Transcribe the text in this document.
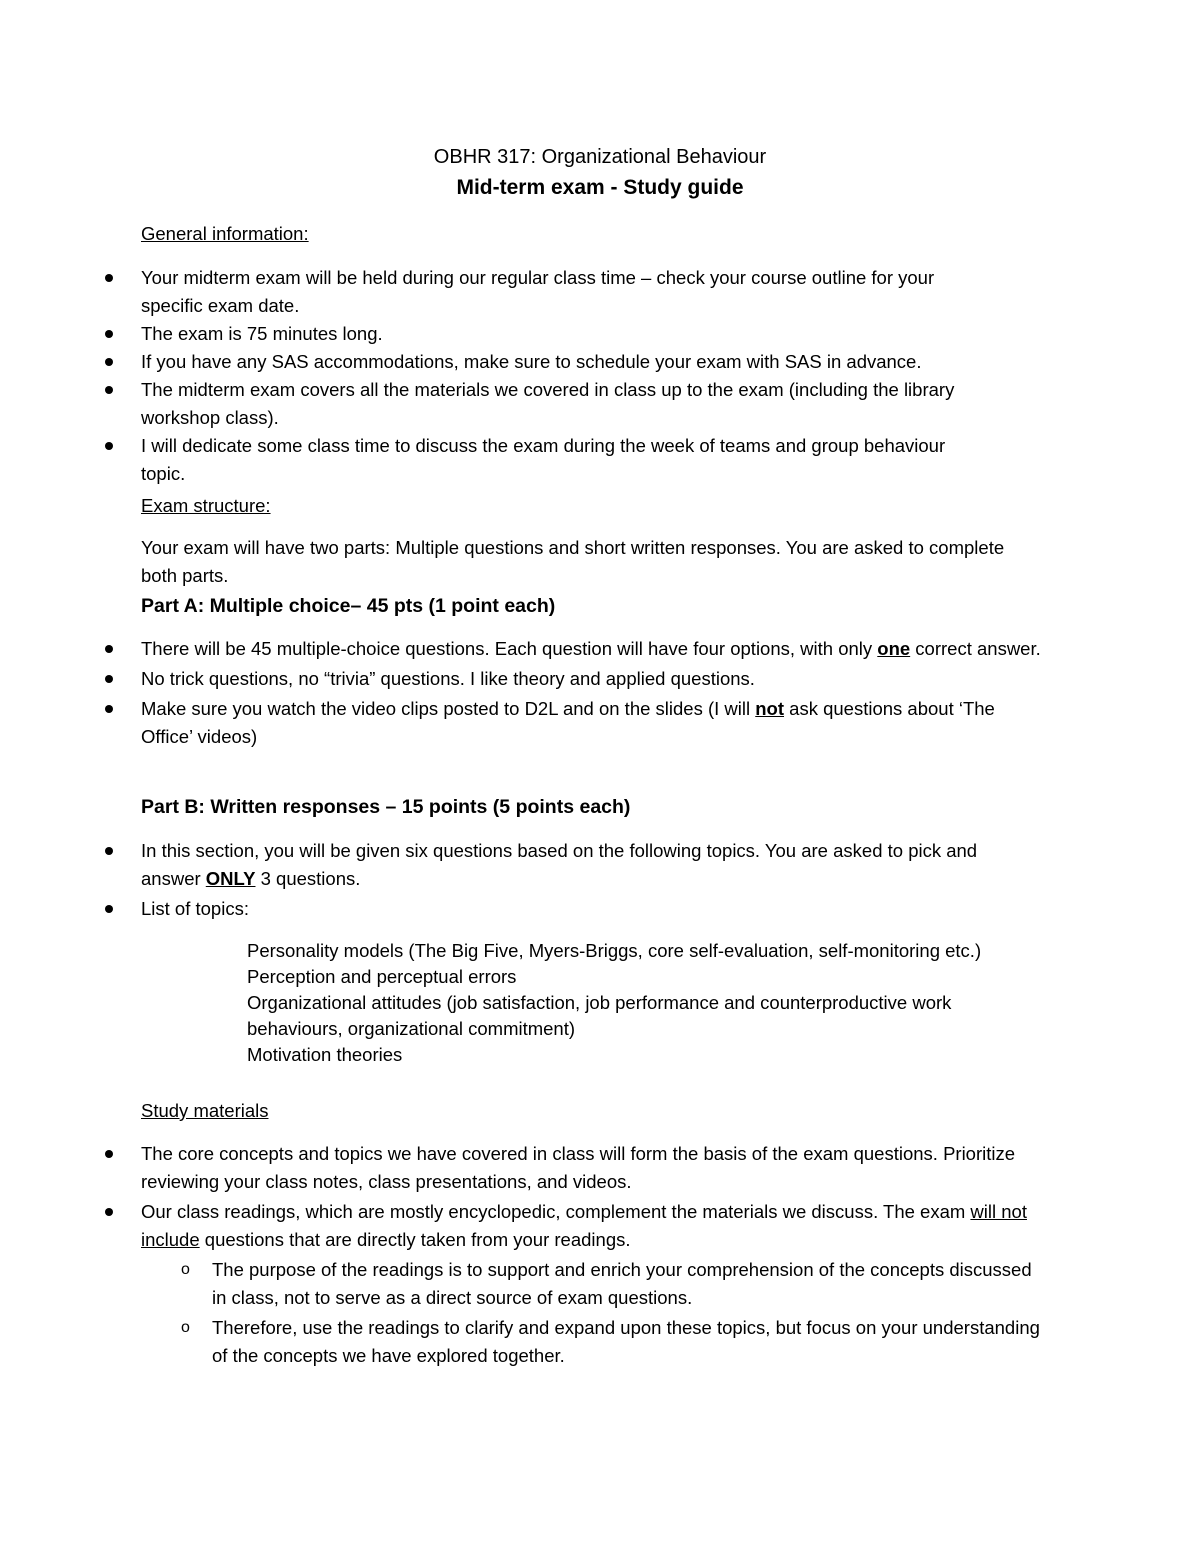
OBHR 317: Organizational Behaviour
Mid-term exam - Study guide
General information:
Your midterm exam will be held during our regular class time – check your course outline for your specific exam date.
The exam is 75 minutes long.
If you have any SAS accommodations, make sure to schedule your exam with SAS in advance.
The midterm exam covers all the materials we covered in class up to the exam (including the library workshop class).
I will dedicate some class time to discuss the exam during the week of teams and group behaviour topic.
Exam structure:
Your exam will have two parts: Multiple questions and short written responses. You are asked to complete both parts.
Part A: Multiple choice– 45 pts (1 point each)
There will be 45 multiple-choice questions. Each question will have four options, with only one correct answer.
No trick questions, no “trivia” questions. I like theory and applied questions.
Make sure you watch the video clips posted to D2L and on the slides (I will not ask questions about ‘The Office’ videos)
Part B: Written responses – 15 points (5 points each)
In this section, you will be given six questions based on the following topics. You are asked to pick and answer ONLY 3 questions.
List of topics:
Personality models (The Big Five, Myers-Briggs, core self-evaluation, self-monitoring etc.)
Perception and perceptual errors
Organizational attitudes (job satisfaction, job performance and counterproductive work behaviours, organizational commitment)
Motivation theories
Study materials
The core concepts and topics we have covered in class will form the basis of the exam questions. Prioritize reviewing your class notes, class presentations, and videos.
Our class readings, which are mostly encyclopedic, complement the materials we discuss. The exam will not include questions that are directly taken from your readings.
o The purpose of the readings is to support and enrich your comprehension of the concepts discussed in class, not to serve as a direct source of exam questions.
o Therefore, use the readings to clarify and expand upon these topics, but focus on your understanding of the concepts we have explored together.
